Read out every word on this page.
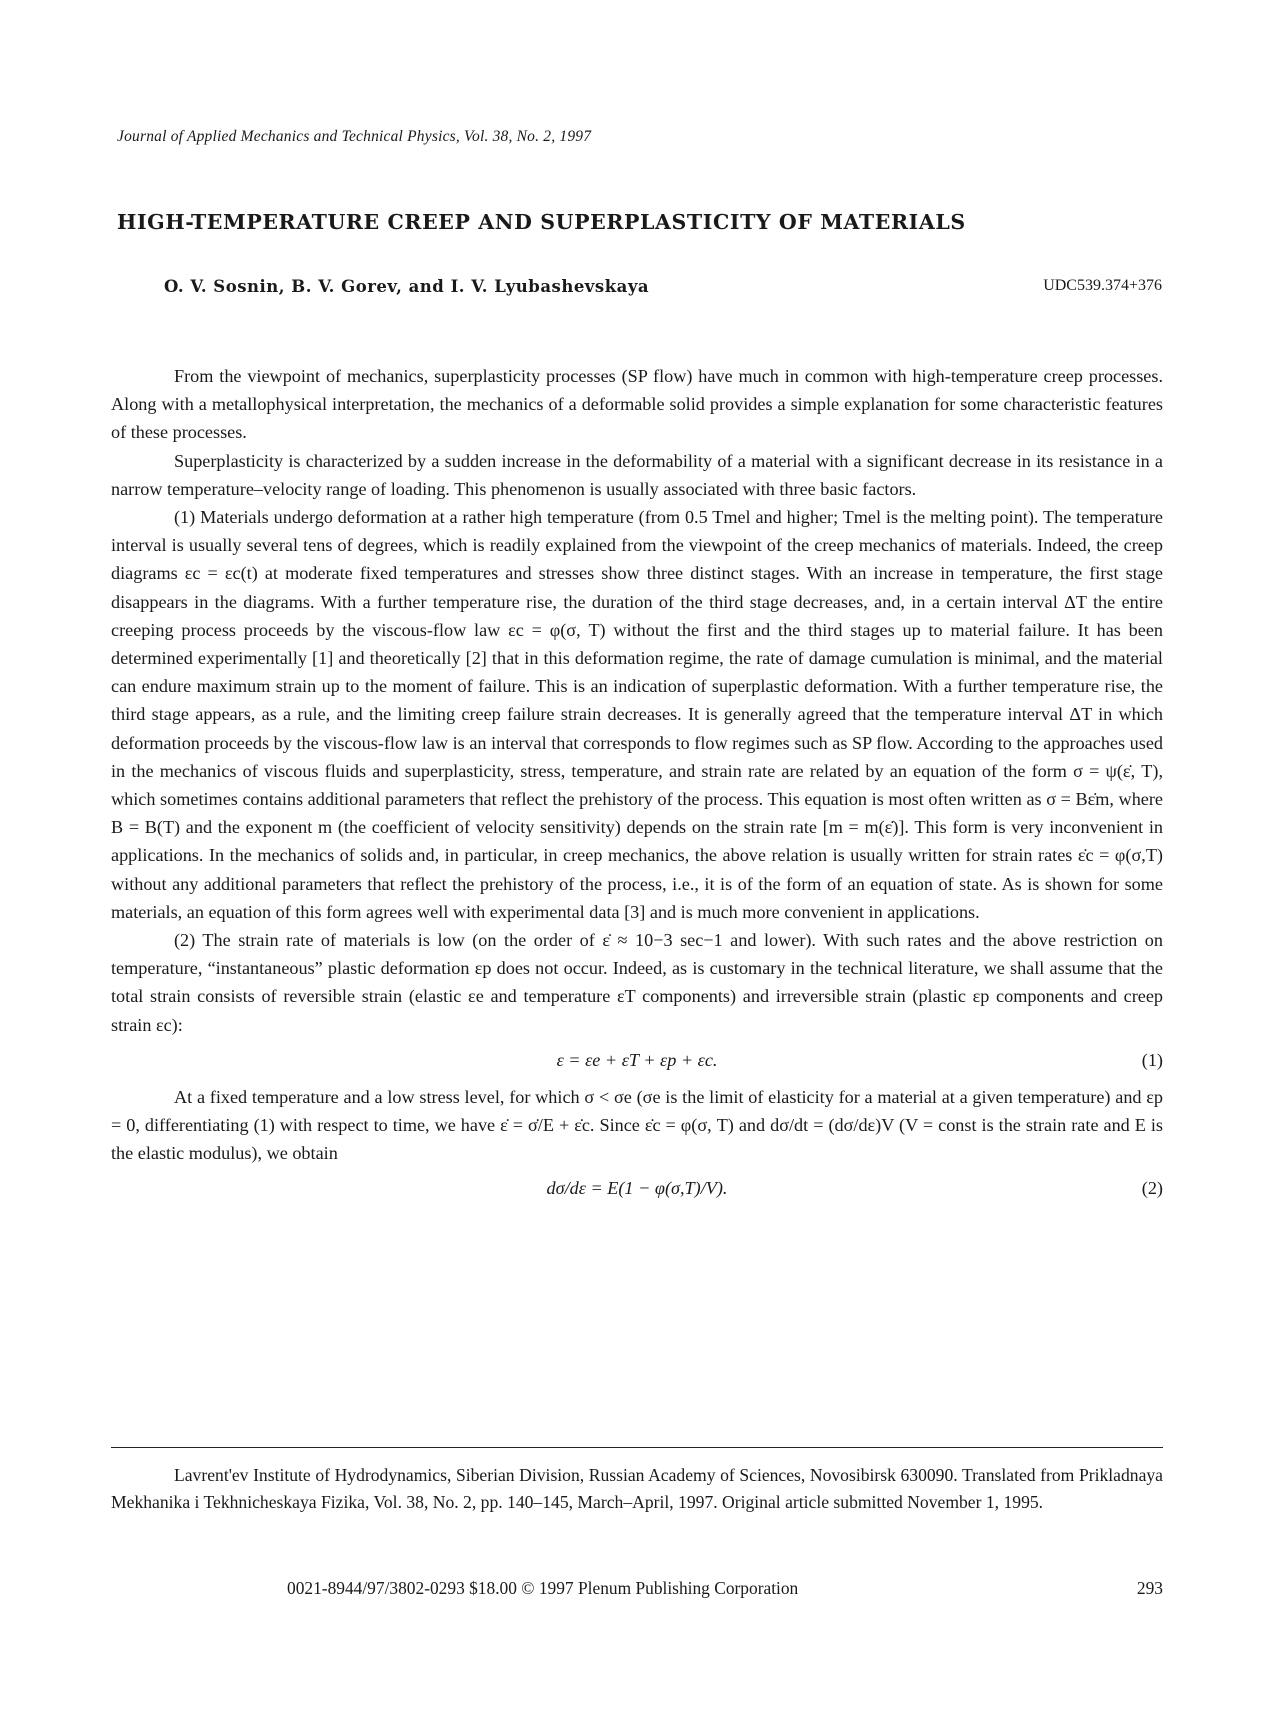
Journal of Applied Mechanics and Technical Physics, Vol. 38, No. 2, 1997
HIGH-TEMPERATURE CREEP AND SUPERPLASTICITY OF MATERIALS
O. V. Sosnin, B. V. Gorev, and I. V. Lyubashevskaya	UDC539.374+376

From the viewpoint of mechanics, superplasticity processes (SP flow) have much in common with high-temperature creep processes. Along with a metallophysical interpretation, the mechanics of a deformable solid provides a simple explanation for some characteristic features of these processes.

Superplasticity is characterized by a sudden increase in the deformability of a material with a significant decrease in its resistance in a narrow temperature–velocity range of loading. This phenomenon is usually associated with three basic factors.

(1) Materials undergo deformation at a rather high temperature (from 0.5 Tmel and higher; Tmel is the melting point). The temperature interval is usually several tens of degrees, which is readily explained from the viewpoint of the creep mechanics of materials. Indeed, the creep diagrams εc = εc(t) at moderate fixed temperatures and stresses show three distinct stages. With an increase in temperature, the first stage disappears in the diagrams. With a further temperature rise, the duration of the third stage decreases, and, in a certain interval ΔT the entire creeping process proceeds by the viscous-flow law εc = φ(σ, T) without the first and the third stages up to material failure. It has been determined experimentally [1] and theoretically [2] that in this deformation regime, the rate of damage cumulation is minimal, and the material can endure maximum strain up to the moment of failure. This is an indication of superplastic deformation. With a further temperature rise, the third stage appears, as a rule, and the limiting creep failure strain decreases. It is generally agreed that the temperature interval ΔT in which deformation proceeds by the viscous-flow law is an interval that corresponds to flow regimes such as SP flow. According to the approaches used in the mechanics of viscous fluids and superplasticity, stress, temperature, and strain rate are related by an equation of the form σ = ψ(ε̇, T), which sometimes contains additional parameters that reflect the prehistory of the process. This equation is most often written as σ = Bε̇m, where B = B(T) and the exponent m (the coefficient of velocity sensitivity) depends on the strain rate [m = m(ε̇)]. This form is very inconvenient in applications. In the mechanics of solids and, in particular, in creep mechanics, the above relation is usually written for strain rates ε̇c = φ(σ,T) without any additional parameters that reflect the prehistory of the process, i.e., it is of the form of an equation of state. As is shown for some materials, an equation of this form agrees well with experimental data [3] and is much more convenient in applications.

(2) The strain rate of materials is low (on the order of ε̇ ≈ 10−3 sec−1 and lower). With such rates and the above restriction on temperature, “instantaneous” plastic deformation εp does not occur. Indeed, as is customary in the technical literature, we shall assume that the total strain consists of reversible strain (elastic εe and temperature εT components) and irreversible strain (plastic εp components and creep strain εc):

ε = εe + εT + εp + εc.	(1)

At a fixed temperature and a low stress level, for which σ < σe (σe is the limit of elasticity for a material at a given temperature) and εp = 0, differentiating (1) with respect to time, we have ε̇ = σ̇/E + ε̇c. Since ε̇c = φ(σ, T) and dσ/dt = (dσ/dε)V (V = const is the strain rate and E is the elastic modulus), we obtain

dσ/dε = E(1 − φ(σ,T)/V).	(2)

Lavrent'ev Institute of Hydrodynamics, Siberian Division, Russian Academy of Sciences, Novosibirsk 630090. Translated from Prikladnaya Mekhanika i Tekhnicheskaya Fizika, Vol. 38, No. 2, pp. 140–145, March–April, 1997. Original article submitted November 1, 1995.

0021-8944/97/3802-0293 $18.00 © 1997 Plenum Publishing Corporation	293
